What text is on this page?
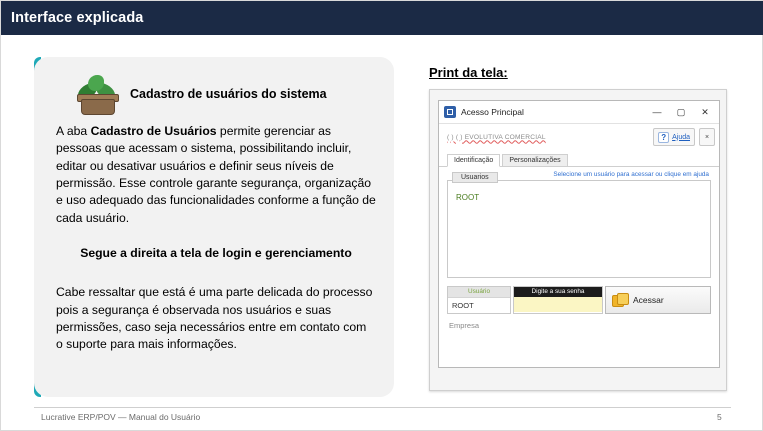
Interface explicada
Cadastro de usuários do sistema

A aba Cadastro de Usuários permite gerenciar as pessoas que acessam o sistema, possibilitando incluir, editar ou desativar usuários e definir seus níveis de permissão. Esse controle garante segurança, organização e uso adequado das funcionalidades conforme a função de cada usuário.

Segue a direita a tela de login e gerenciamento

Cabe ressaltar que está é uma parte delicada do processo pois a segurança é observada nos usuários e suas permissões, caso seja necessários entre em contato com o suporte para mais informações.

Print da tela:
Acesso Principal	—	▢	✕
( ) ( ) EVOLUTIVA COMERCIAL	? Ajuda	×
Identificação	Personalizações
Selecione um usuário para acessar ou clique em ajuda
Usuarios
ROOT
Usuário
ROOT
Digite a sua senha
Acessar
Empresa
Lucrative ERP/POV — Manual do Usuário	5
